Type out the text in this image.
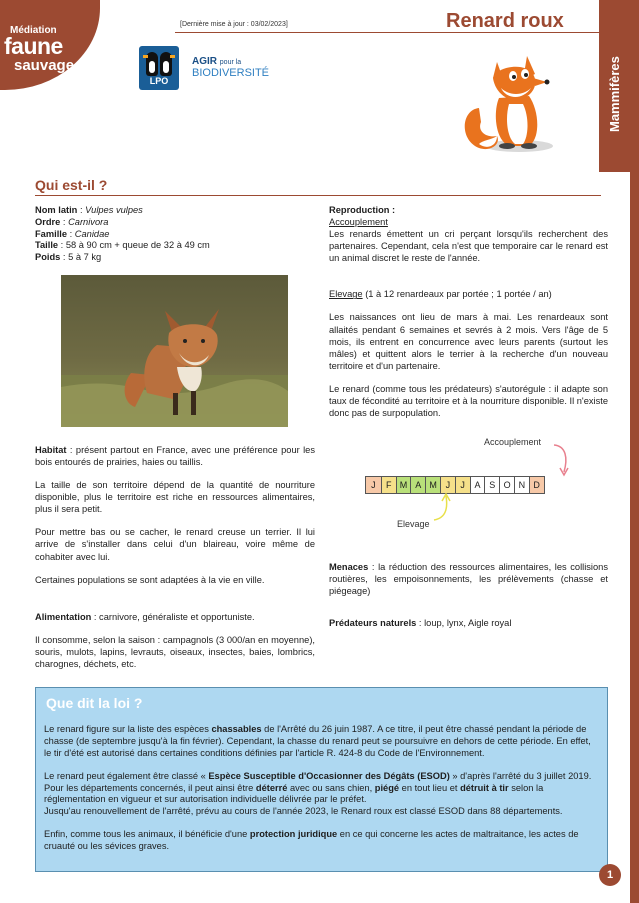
Médiation
faune
sauvage
[Dernière mise à jour : 03/02/2023]	Renard roux
Mammifères
LPO
AGIR pour la
BIODIVERSITÉ
Qui est-il ?
Nom latin : Vulpes vulpes
Ordre : Carnivora
Famille : Canidae
Taille : 58 à 90 cm + queue de 32 à 49 cm
Poids : 5 à 7 kg

Habitat : présent partout en France, avec une préférence pour les bois entourés de prairies, haies ou taillis.

La taille de son territoire dépend de la quantité de nourriture disponible, plus le territoire est riche en ressources alimentaires, plus il sera petit.

Pour mettre bas ou se cacher, le renard creuse un terrier. Il lui arrive de s'installer dans celui d'un blaireau, voire même de cohabiter avec lui.

Certaines populations se sont adaptées à la vie en ville.

Alimentation : carnivore, généraliste et opportuniste.

Il consomme, selon la saison : campagnols (3 000/an en moyenne), souris, mulots, lapins, levrauts, oiseaux, insectes, baies, lombrics, charognes, déchets, etc.

Reproduction :
Accouplement

Les renards émettent un cri perçant lorsqu'ils recherchent des partenaires. Cependant, cela n'est que temporaire car le renard est un animal discret le reste de l'année.

Elevage (1 à 12 renardeaux par portée ; 1 portée / an)

Les naissances ont lieu de mars à mai. Les renardeaux sont allaités pendant 6 semaines et sevrés à 2 mois. Vers l'âge de 5 mois, ils entrent en concurrence avec leurs parents (surtout les mâles) et quittent alors le terrier à la recherche d'un nouveau territoire et d'un partenaire.

Le renard (comme tous les prédateurs) s'autorégule : il adapte son taux de fécondité au territoire et à la nourriture disponible. Il n'existe donc pas de surpopulation.

Accouplement
J	F M A M J	J	A S O N D
Elevage

Menaces : la réduction des ressources alimentaires, les collisions routières, les empoisonnements, les prélèvements (chasse et piégeage)

Prédateurs naturels : loup, lynx, Aigle royal

Que dit la loi ?

Le renard figure sur la liste des espèces chassables de l'Arrêté du 26 juin 1987. A ce titre, il peut être chassé pendant la période de chasse (de septembre jusqu'à la fin février). Cependant, la chasse du renard peut se poursuivre en dehors de cette période. En effet, le tir d'été est autorisé dans certaines conditions définies par l'article R. 424-8 du Code de l'Environnement.

Le renard peut également être classé « Espèce Susceptible d'Occasionner des Dégâts (ESOD) » d'après l'arrêté du 3 juillet 2019. Pour les départements concernés, il peut ainsi être déterré avec ou sans chien, piégé en tout lieu et détruit à tir selon la réglementation en vigueur et sur autorisation individuelle délivrée par le préfet.
Jusqu'au renouvellement de l'arrêté, prévu au cours de l'année 2023, le Renard roux est classé ESOD dans 88 départements.

Enfin, comme tous les animaux, il bénéficie d'une protection juridique en ce qui concerne les actes de maltraitance, les actes de cruauté ou les sévices graves.

1
